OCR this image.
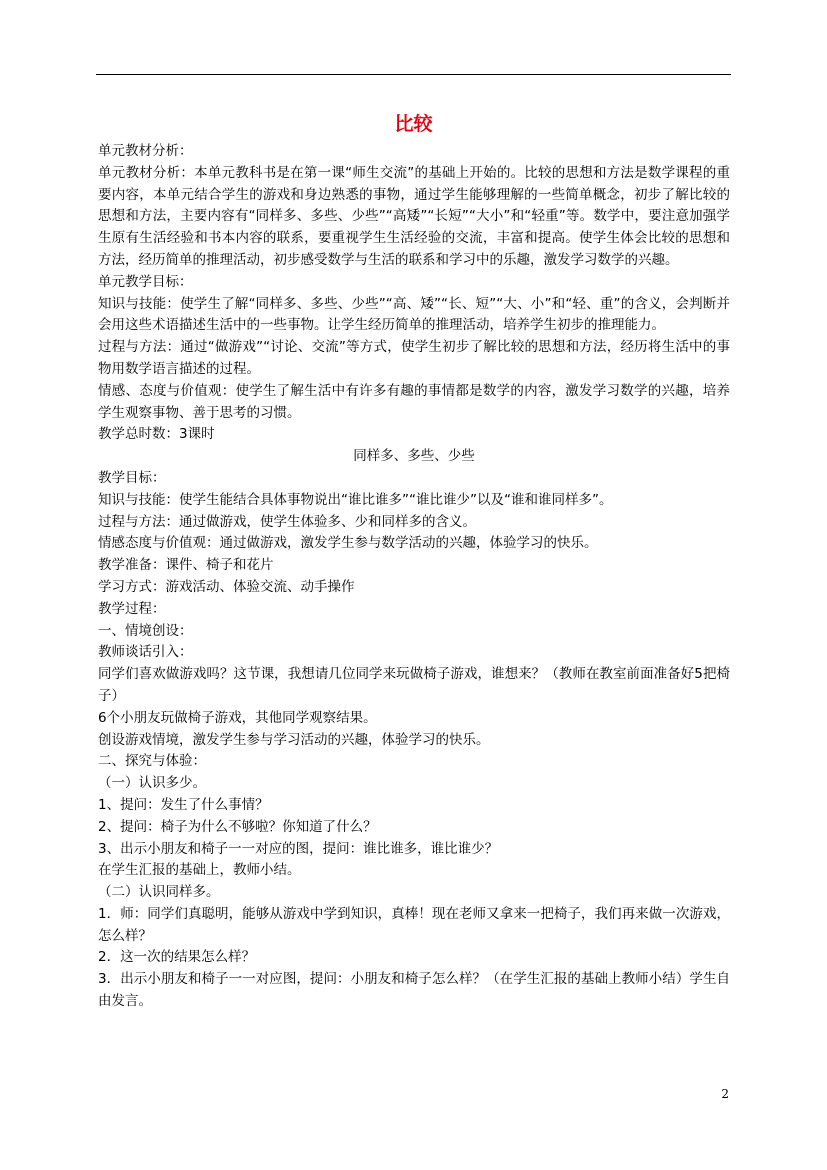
比较

单元教材分析：

单元教材分析：本单元教科书是在第一课“师生交流”的基础上开始的。比较的思想和方法是数学课程的重要内容，本单元结合学生的游戏和身边熟悉的事物，通过学生能够理解的一些简单概念，初步了解比较的思想和方法，主要内容有“同样多、多些、少些”“高矮”“长短”“大小”和“轻重”等。数学中，要注意加强学生原有生活经验和书本内容的联系，要重视学生生活经验的交流，丰富和提高。使学生体会比较的思想和方法，经历简单的推理活动，初步感受数学与生活的联系和学习中的乐趣，激发学习数学的兴趣。

单元教学目标：

知识与技能：使学生了解“同样多、多些、少些”“高、矮”“长、短”“大、小”和“轻、重”的含义，会判断并会用这些术语描述生活中的一些事物。让学生经历简单的推理活动，培养学生初步的推理能力。

过程与方法：通过“做游戏”“讨论、交流”等方式，使学生初步了解比较的思想和方法，经历将生活中的事物用数学语言描述的过程。

情感、态度与价值观：使学生了解生活中有许多有趣的事情都是数学的内容，激发学习数学的兴趣，培养学生观察事物、善于思考的习惯。

教学总时数：3课时

同样多、多些、少些

教学目标：

知识与技能：使学生能结合具体事物说出“谁比谁多”“谁比谁少”以及“谁和谁同样多”。

过程与方法：通过做游戏，使学生体验多、少和同样多的含义。

情感态度与价值观：通过做游戏，激发学生参与数学活动的兴趣，体验学习的快乐。

教学准备：课件、椅子和花片

学习方式：游戏活动、体验交流、动手操作

教学过程：

一、情境创设：

教师谈话引入：

同学们喜欢做游戏吗？这节课，我想请几位同学来玩做椅子游戏，谁想来？（教师在教室前面准备好5把椅子）

6个小朋友玩做椅子游戏，其他同学观察结果。

创设游戏情境，激发学生参与学习活动的兴趣，体验学习的快乐。

二、探究与体验：

（一）认识多少。

1、提问：发生了什么事情？

2、提问：椅子为什么不够啦？你知道了什么？

3、出示小朋友和椅子一一对应的图，提问：谁比谁多，谁比谁少？

在学生汇报的基础上，教师小结。

（二）认识同样多。

1．师：同学们真聪明，能够从游戏中学到知识，真棒！现在老师又拿来一把椅子，我们再来做一次游戏，怎么样？

2．这一次的结果怎么样？

3．出示小朋友和椅子一一对应图，提问：小朋友和椅子怎么样？（在学生汇报的基础上教师小结）学生自由发言。

2
